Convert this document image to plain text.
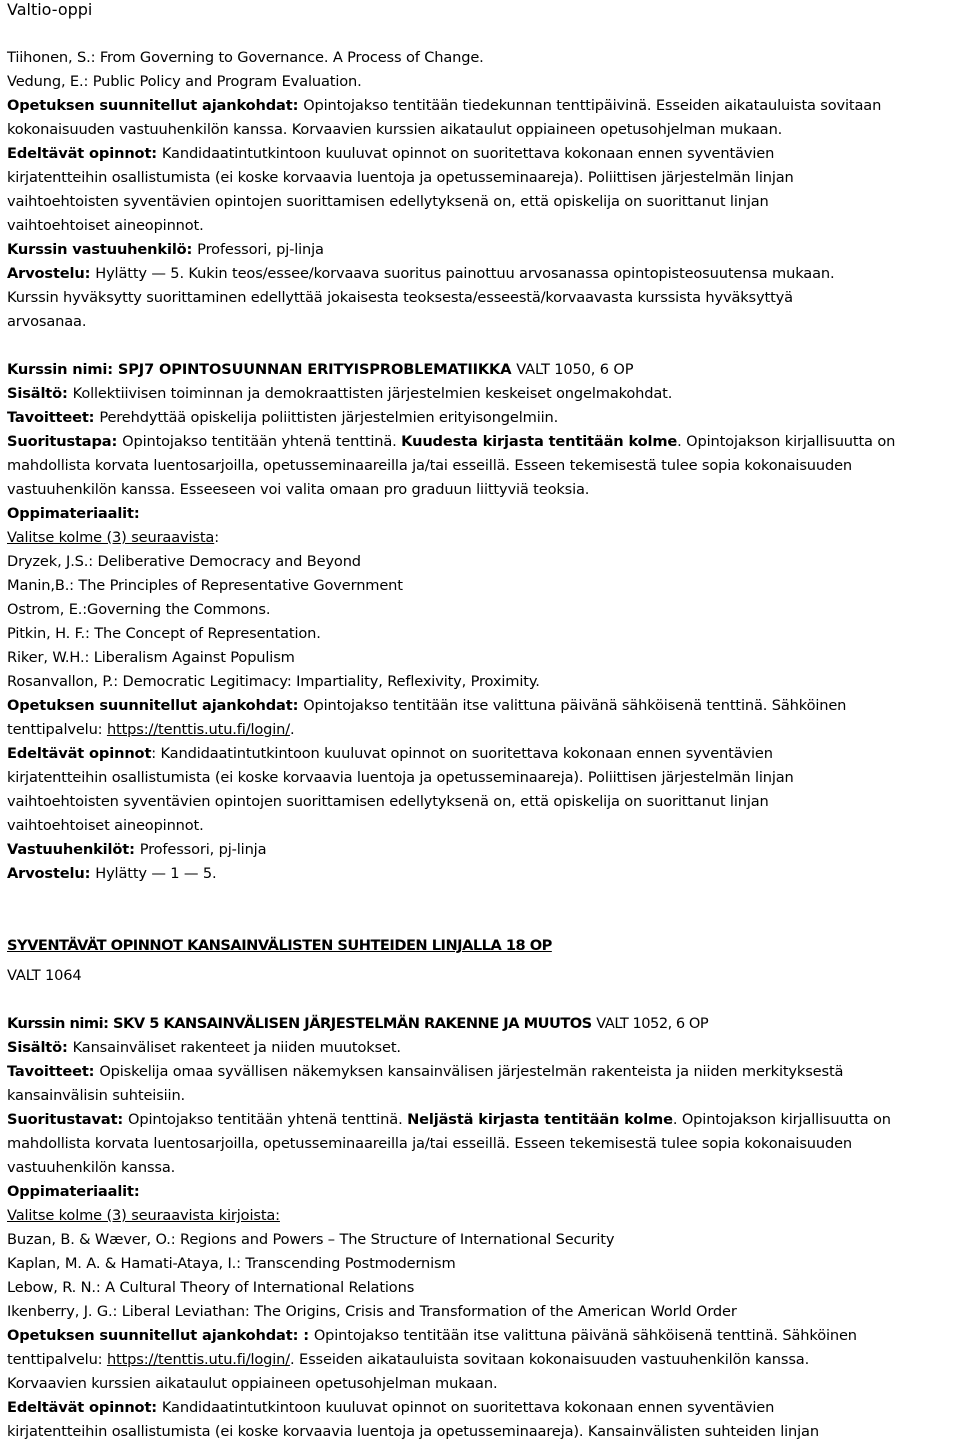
Valtio-oppi
Tiihonen, S.: From Governing to Governance. A Process of Change.
Vedung, E.: Public Policy and Program Evaluation.
Opetuksen suunnitellut ajankohdat: Opintojakso tentitään tiedekunnan tenttipäivinä. Esseiden aikatauluista sovitaan
kokonaisuuden vastuuhenkilön kanssa. Korvaavien kurssien aikataulut oppiaineen opetusohjelman mukaan.
Edeltävät opinnot: Kandidaatintutkintoon kuuluvat opinnot on suoritettava kokonaan ennen syventävien
kirjatentteihin osallistumista (ei koske korvaavia luentoja ja opetusseminaareja). Poliittisen järjestelmän linjan
vaihtoehtoisten syventävien opintojen suorittamisen edellytyksenä on, että opiskelija on suorittanut linjan
vaihtoehtoiset aineopinnot.
Kurssin vastuuhenkilö: Professori, pj-linja
Arvostelu: Hylätty — 5. Kukin teos/essee/korvaava suoritus painottuu arvosanassa opintopisteosuutensa mukaan.
Kurssin hyväksytty suorittaminen edellyttää jokaisesta teoksesta/esseestä/korvaavasta kurssista hyväksyttyä
arvosanaa.
Kurssin nimi: SPJ7 OPINTOSUUNNAN ERITYISPROBLEMATIIKKA VALT 1050, 6 OP
Sisältö: Kollektiivisen toiminnan ja demokraattisten järjestelmien keskeiset ongelmakohdat.
Tavoitteet: Perehdyttää opiskelija poliittisten järjestelmien erityisongelmiin.
Suoritustapa: Opintojakso tentitään yhtenä tenttinä. Kuudesta kirjasta tentitään kolme. Opintojakson kirjallisuutta on
mahdollista korvata luentosarjoilla, opetusseminaareilla ja/tai esseillä. Esseen tekemisestä tulee sopia kokonaisuuden
vastuuhenkilön kanssa. Esseeseen voi valita omaan pro graduun liittyviä teoksia.
Oppimateriaalit:
Valitse kolme (3) seuraavista:
Dryzek, J.S.: Deliberative Democracy and Beyond
Manin,B.: The Principles of Representative Government
Ostrom, E.:Governing the Commons.
Pitkin, H. F.: The Concept of Representation.
Riker, W.H.: Liberalism Against Populism
Rosanvallon, P.: Democratic Legitimacy: Impartiality, Reflexivity, Proximity.
Opetuksen suunnitellut ajankohdat: Opintojakso tentitään itse valittuna päivänä sähköisenä tenttinä. Sähköinen
tenttipalvelu: https://tenttis.utu.fi/login/.
Edeltävät opinnot: Kandidaatintutkintoon kuuluvat opinnot on suoritettava kokonaan ennen syventävien
kirjatentteihin osallistumista (ei koske korvaavia luentoja ja opetusseminaareja). Poliittisen järjestelmän linjan
vaihtoehtoisten syventävien opintojen suorittamisen edellytyksenä on, että opiskelija on suorittanut linjan
vaihtoehtoiset aineopinnot.
Vastuuhenkilöt: Professori, pj-linja
Arvostelu: Hylätty — 1 — 5.
SYVENTÄVÄT OPINNOT KANSAINVÄLISTEN SUHTEIDEN LINJALLA 18 OP
VALT 1064
Kurssin nimi: SKV 5 KANSAINVÄLISEN JÄRJESTELMÄN RAKENNE JA MUUTOS VALT 1052, 6 OP
Sisältö: Kansainväliset rakenteet ja niiden muutokset.
Tavoitteet: Opiskelija omaa syvällisen näkemyksen kansainvälisen järjestelmän rakenteista ja niiden merkityksestä
kansainvälisin suhteisiin.
Suoritustavat: Opintojakso tentitään yhtenä tenttinä. Neljästä kirjasta tentitään kolme. Opintojakson kirjallisuutta on
mahdollista korvata luentosarjoilla, opetusseminaareilla ja/tai esseillä. Esseen tekemisestä tulee sopia kokonaisuuden
vastuuhenkilön kanssa.
Oppimateriaalit:
Valitse kolme (3) seuraavista kirjoista:
Buzan, B. & Wæver, O.: Regions and Powers – The Structure of International Security
Kaplan, M. A. & Hamati-Ataya, I.: Transcending Postmodernism
Lebow, R. N.: A Cultural Theory of International Relations
Ikenberry, J. G.: Liberal Leviathan: The Origins, Crisis and Transformation of the American World Order
Opetuksen suunnitellut ajankohdat: : Opintojakso tentitään itse valittuna päivänä sähköisenä tenttinä. Sähköinen
tenttipalvelu: https://tenttis.utu.fi/login/. Esseiden aikatauluista sovitaan kokonaisuuden vastuuhenkilön kanssa.
Korvaavien kurssien aikataulut oppiaineen opetusohjelman mukaan.
Edeltävät opinnot: Kandidaatintutkintoon kuuluvat opinnot on suoritettava kokonaan ennen syventävien
kirjatentteihin osallistumista (ei koske korvaavia luentoja ja opetusseminaareja). Kansainvälisten suhteiden linjan
